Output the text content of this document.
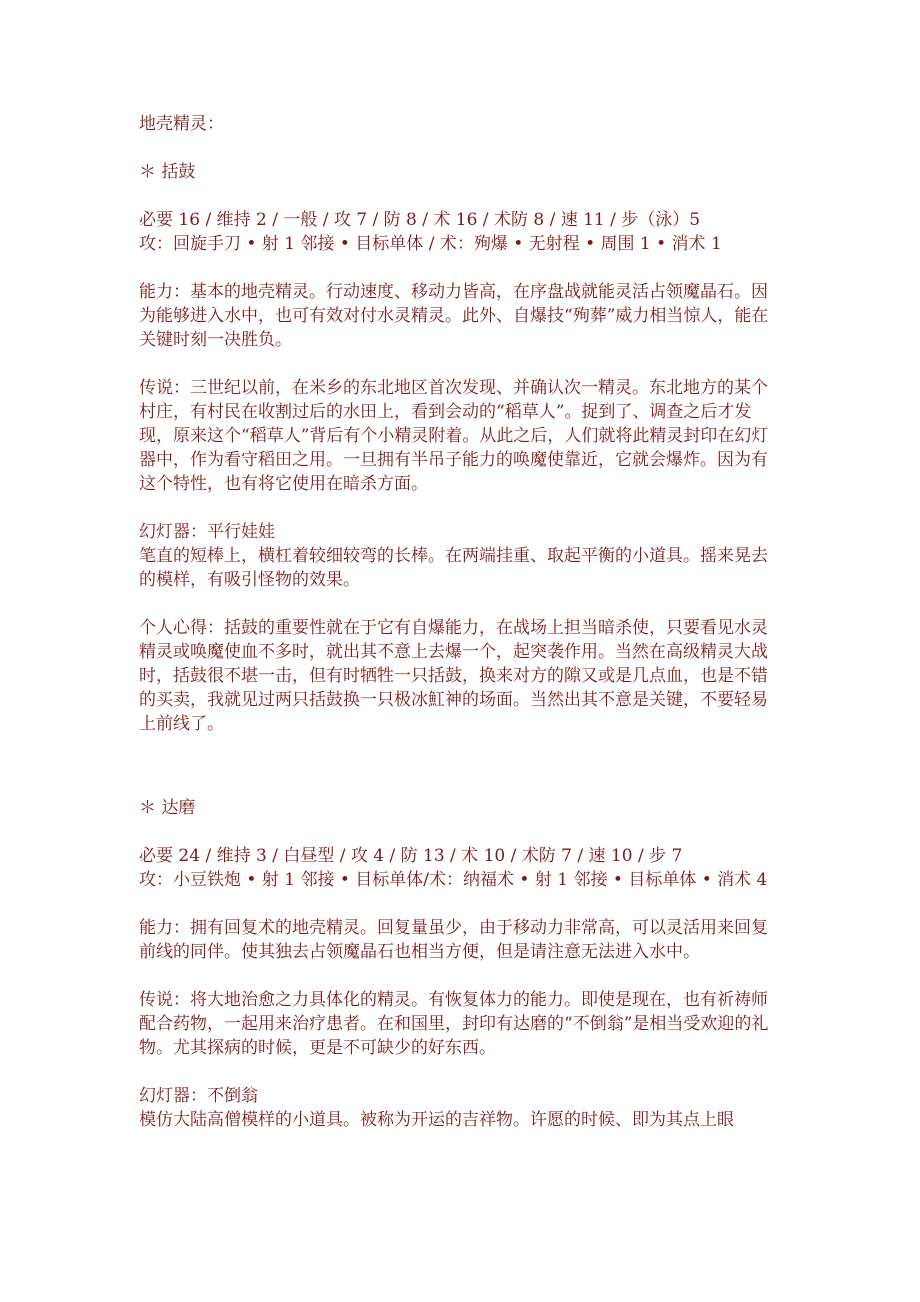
地壳精灵：
＊ 括鼓
必要 16 / 维持 2 / 一般 / 攻 7 / 防 8 / 术 16 / 术防 8 / 速 11 / 步（泳）5
攻：回旋手刀 • 射 1 邻接 • 目标单体 / 术：殉爆 • 无射程 • 周围 1 • 消术 1
能力：基本的地壳精灵。行动速度、移动力皆高，在序盘战就能灵活占领魔晶石。因为能够进入水中，也可有效对付水灵精灵。此外、自爆技“殉葬”威力相当惊人，能在关键时刻一决胜负。
传说：三世纪以前，在米乡的东北地区首次发现、并确认次一精灵。东北地方的某个村庄，有村民在收割过后的水田上，看到会动的“稻草人”。捉到了、调查之后才发现，原来这个“稻草人”背后有个小精灵附着。从此之后，人们就将此精灵封印在幻灯器中，作为看守稻田之用。一旦拥有半吊子能力的唤魔使靠近，它就会爆炸。因为有这个特性，也有将它使用在暗杀方面。
幻灯器：平行娃娃
笔直的短棒上，横杠着较细较弯的长棒。在两端挂重、取起平衡的小道具。摇来晃去的模样，有吸引怪物的效果。
个人心得：括鼓的重要性就在于它有自爆能力，在战场上担当暗杀使，只要看见水灵精灵或唤魔使血不多时，就出其不意上去爆一个，起突袭作用。当然在高级精灵大战时，括鼓很不堪一击，但有时牺牲一只括鼓，换来对方的隙又或是几点血，也是不错的买卖，我就见过两只括鼓换一只极冰魟神的场面。当然出其不意是关键，不要轻易上前线了。
＊ 达磨
必要 24 / 维持 3 / 白昼型 / 攻 4 / 防 13 / 术 10 / 术防 7 / 速 10 / 步 7
攻：小豆铁炮 • 射 1 邻接 • 目标单体/术：纳福术 • 射 1 邻接 • 目标单体 • 消术 4
能力：拥有回复术的地壳精灵。回复量虽少，由于移动力非常高，可以灵活用来回复前线的同伴。使其独去占领魔晶石也相当方便，但是请注意无法进入水中。
传说：将大地治愈之力具体化的精灵。有恢复体力的能力。即使是现在，也有祈祷师配合药物，一起用来治疗患者。在和国里，封印有达磨的“不倒翁”是相当受欢迎的礼物。尤其探病的时候，更是不可缺少的好东西。
幻灯器：不倒翁
模仿大陆高僧模样的小道具。被称为开运的吉祥物。许愿的时候、即为其点上眼
